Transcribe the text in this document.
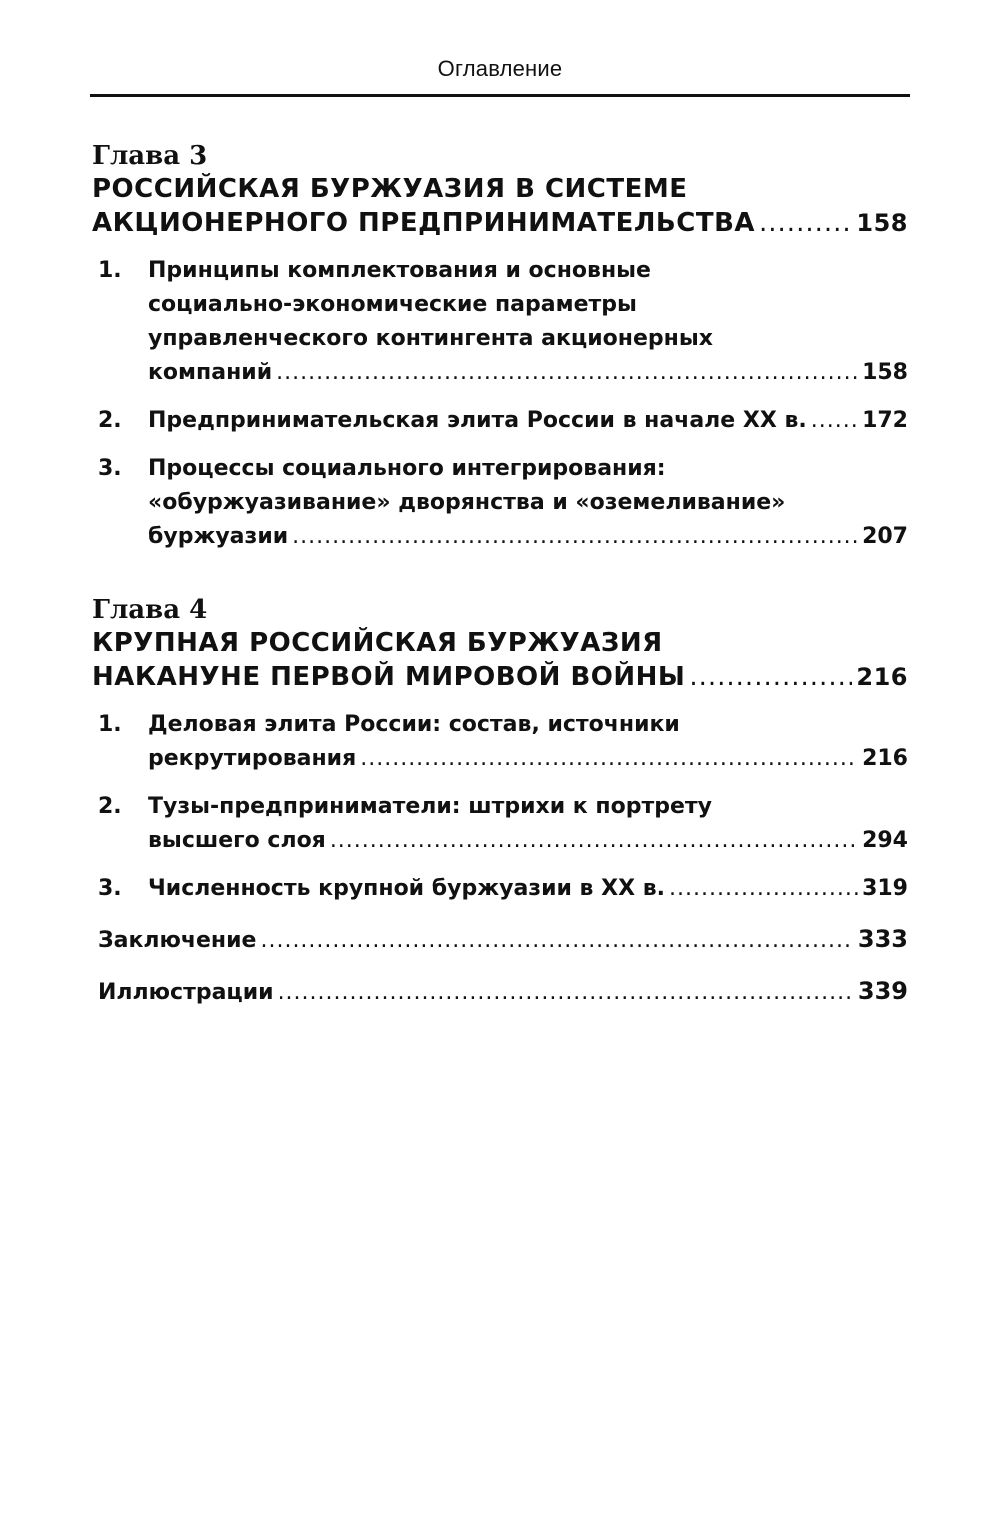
Оглавление
Глава 3
РОССИЙСКАЯ БУРЖУАЗИЯ В СИСТЕМЕ
АКЦИОНЕРНОГО ПРЕДПРИНИМАТЕЛЬСТВА .....	158
1. Принципы комплектования и основные
социально-экономические параметры
управленческого контингента акционерных
компаний .....	158
2. Предпринимательская элита России в начале XX в. .....	172
3. Процессы социального интегрирования:
«обуржуазивание» дворянства и «оземеливание»
буржуазии .....	207
Глава 4
КРУПНАЯ РОССИЙСКАЯ БУРЖУАЗИЯ
НАКАНУНЕ ПЕРВОЙ МИРОВОЙ ВОЙНЫ .....	216
1. Деловая элита России: состав, источники
рекрутирования .....	216
2. Тузы-предприниматели: штрихи к портрету
высшего слоя .....	294
3. Численность крупной буржуазии в XX в. .....	319
Заключение .....	333
Иллюстрации .....	339
